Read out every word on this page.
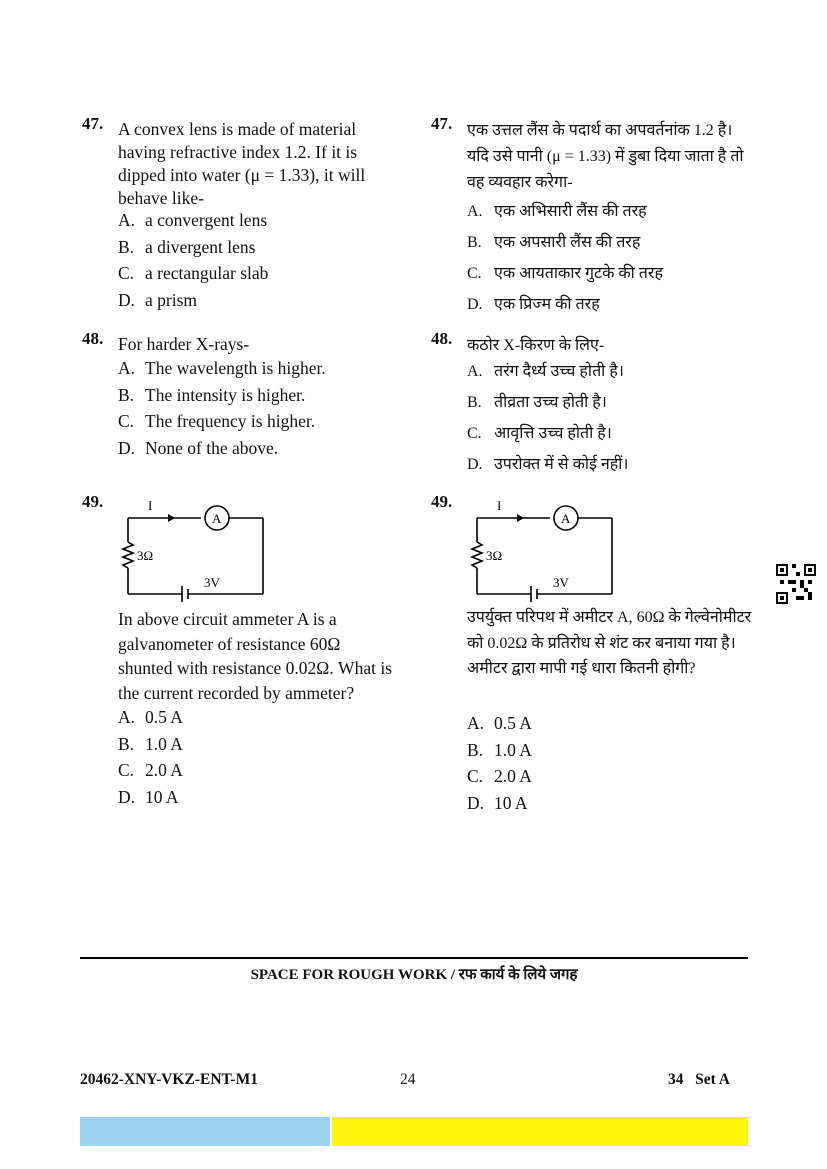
47. A convex lens is made of material having refractive index 1.2. If it is dipped into water (μ = 1.33), it will behave like-
A. a convergent lens
B. a divergent lens
C. a rectangular slab
D. a prism
48. For harder X-rays-
A. The wavelength is higher.
B. The intensity is higher.
C. The frequency is higher.
D. None of the above.
49.	I
A
3Ω
3V
In above circuit ammeter A is a galvanometer of resistance 60Ω shunted with resistance 0.02Ω. What is the current recorded by ammeter?
A. 0.5 A
B. 1.0 A
C. 2.0 A
D. 10 A
47. एक उत्तल लैंस के पदार्थ का अपवर्तनांक 1.2 है। यदि उसे पानी (μ = 1.33) में डुबा दिया जाता है तो वह व्यवहार करेगा-
A. एक अभिसारी लैंस की तरह
B. एक अपसारी लैंस की तरह
C. एक आयताकार गुटके की तरह
D. एक प्रिज्म की तरह
48. कठोर X-किरण के लिए-
A. तरंग दैर्ध्य उच्च होती है।
B. तीव्रता उच्च होती है।
C. आवृत्ति उच्च होती है।
D. उपरोक्त में से कोई नहीं।
49.	I
A
3Ω
3V
उपर्युक्त परिपथ में अमीटर A, 60Ω के गेल्वेनोमीटर को 0.02Ω के प्रतिरोध से शंट कर बनाया गया है। अमीटर द्वारा मापी गई धारा कितनी होगी?
A. 0.5 A
B. 1.0 A
C. 2.0 A
D. 10 A
SPACE FOR ROUGH WORK / रफ कार्य के लिये जगह
20462-XNY-VKZ-ENT-M1	24	34   Set A
